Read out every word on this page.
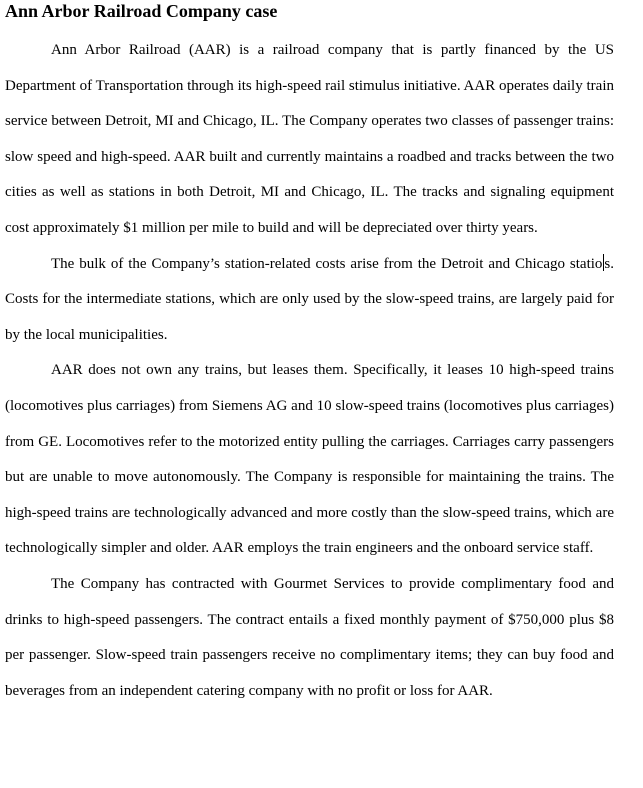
Ann Arbor Railroad Company case

Ann Arbor Railroad (AAR) is a railroad company that is partly financed by the US Department of Transportation through its high-speed rail stimulus initiative. AAR operates daily train service between Detroit, MI and Chicago, IL. The Company operates two classes of passenger trains: slow speed and high-speed. AAR built and currently maintains a roadbed and tracks between the two cities as well as stations in both Detroit, MI and Chicago, IL. The tracks and signaling equipment cost approximately $1 million per mile to build and will be depreciated over thirty years.

The bulk of the Company’s station-related costs arise from the Detroit and Chicago statio s. Costs for the intermediate stations, which are only used by the slow-speed trains, are largely paid for by the local municipalities.

AAR does not own any trains, but leases them. Specifically, it leases 10 high-speed trains (locomotives plus carriages) from Siemens AG and 10 slow-speed trains (locomotives plus carriages) from GE. Locomotives refer to the motorized entity pulling the carriages. Carriages carry passengers but are unable to move autonomously. The Company is responsible for maintaining the trains. The high-speed trains are technologically advanced and more costly than the slow-speed trains, which are technologically simpler and older. AAR employs the train engineers and the onboard service staff.

The Company has contracted with Gourmet Services to provide complimentary food and drinks to high-speed passengers. The contract entails a fixed monthly payment of $750,000 plus $8 per passenger. Slow-speed train passengers receive no complimentary items; they can buy food and beverages from an independent catering company with no profit or loss for AAR.
